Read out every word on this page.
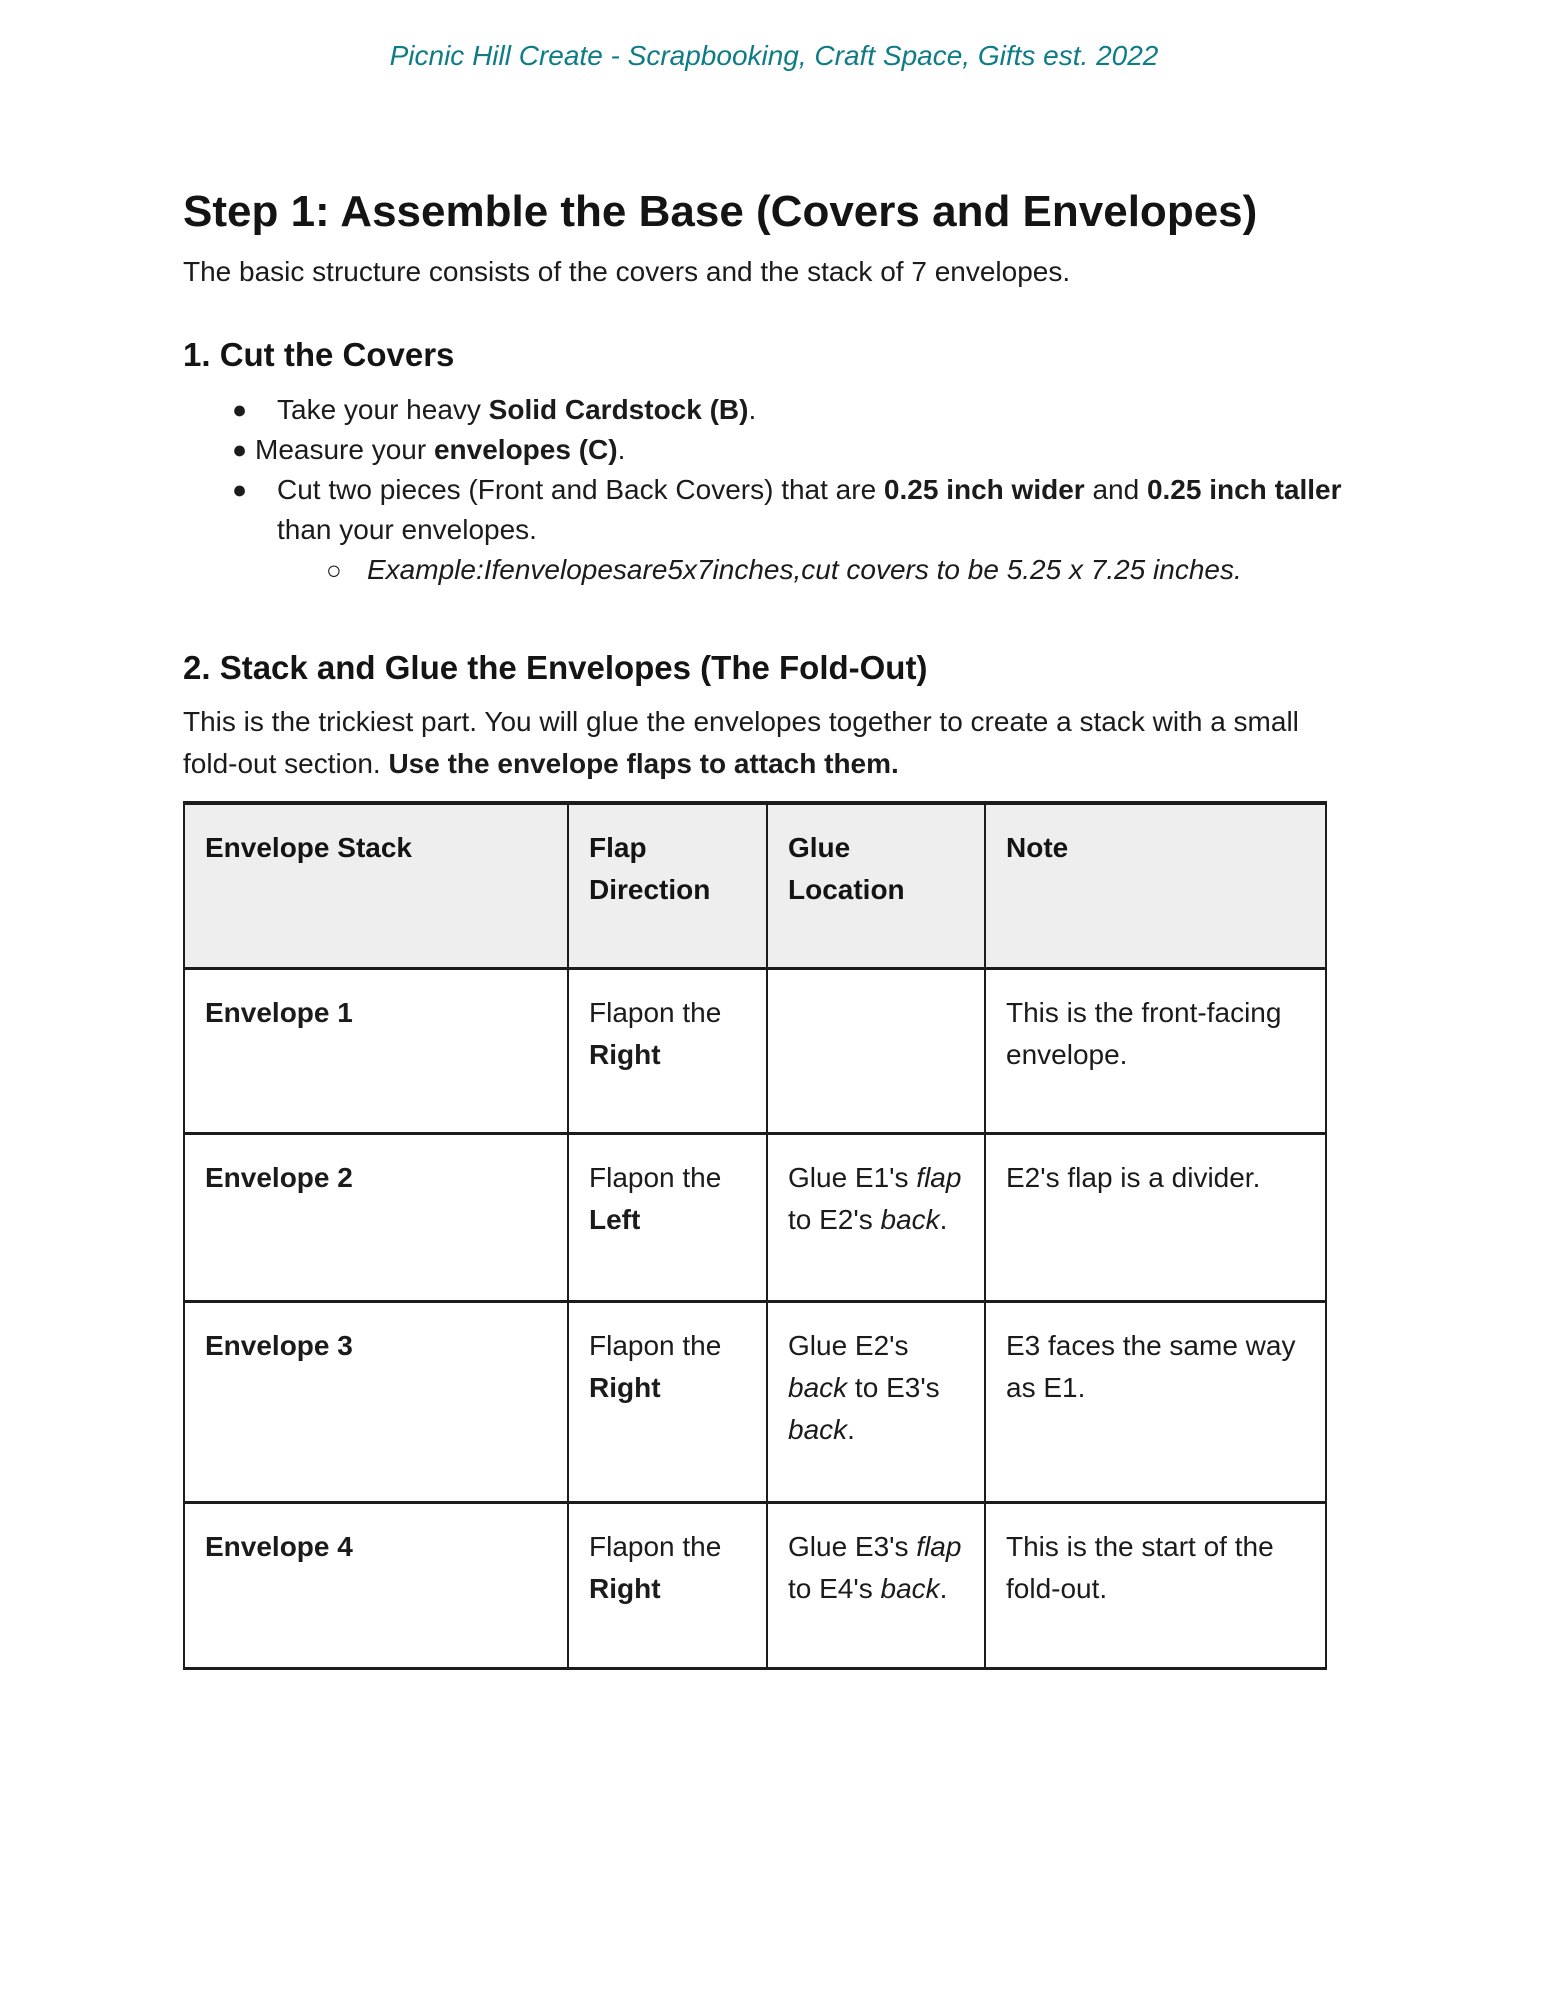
Picnic Hill Create - Scrapbooking, Craft Space, Gifts est. 2022
Step 1: Assemble the Base (Covers and Envelopes)

The basic structure consists of the covers and the stack of 7 envelopes.

1. Cut the Covers
●	Take your heavy Solid Cardstock (B).
● Measure your envelopes (C).
●	Cut two pieces (Front and Back Covers) that are 0.25 inch wider and 0.25 inch taller than your envelopes.
○ Example:Ifenvelopesare5x7inches,cut covers to be 5.25 x 7.25 inches.
2. Stack and Glue the Envelopes (The Fold-Out)

This is the trickiest part. You will glue the envelopes together to create a stack with a small fold-out section. Use the envelope flaps to attach them.

Envelope Stack	Flap Direction	Glue Location	Note
Envelope 1	Flapon the Right		This is the front-facing envelope.
Envelope 2	Flapon the Left	Glue E1's flap to E2's back.	E2's flap is a divider.
Envelope 3	Flapon the Right	Glue E2's back to E3's back.	E3 faces the same way as E1.
Envelope 4	Flapon the Right	Glue E3's flap to E4's back.	This is the start of the fold-out.
